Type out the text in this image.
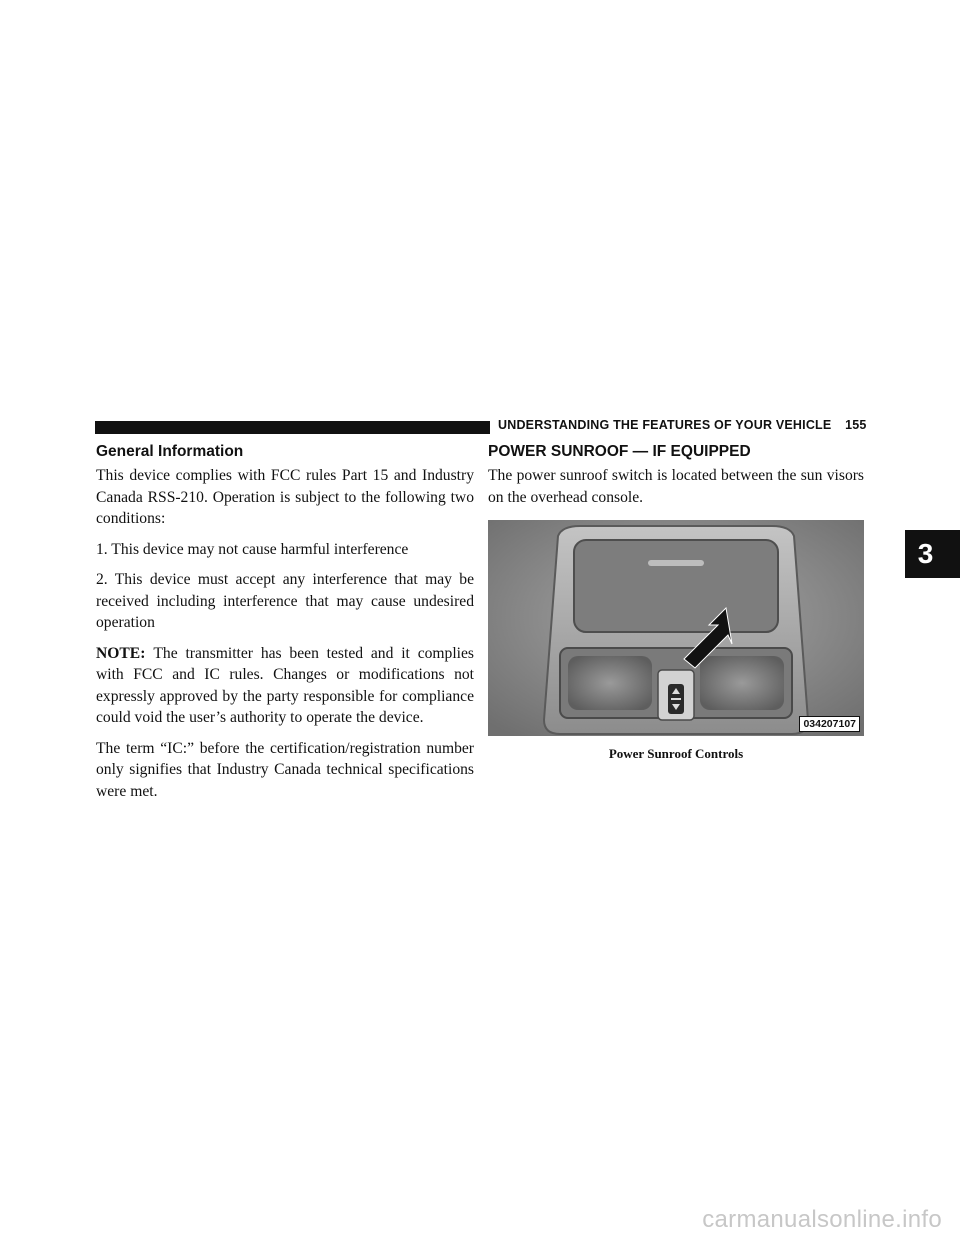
UNDERSTANDING THE FEATURES OF YOUR VEHICLE 155
General Information

This device complies with FCC rules Part 15 and Industry Canada RSS-210. Operation is subject to the following two conditions:

1. This device may not cause harmful interference

2. This device must accept any interference that may be received including interference that may cause undesired operation

NOTE: The transmitter has been tested and it complies with FCC and IC rules. Changes or modifications not expressly approved by the party responsible for compliance could void the user’s authority to operate the device.

The term “IC:” before the certification/registration number only signifies that Industry Canada technical specifications were met.

POWER SUNROOF — IF EQUIPPED

The power sunroof switch is located between the sun visors on the overhead console.

034207107
Power Sunroof Controls
3
carmanualsonline.info
